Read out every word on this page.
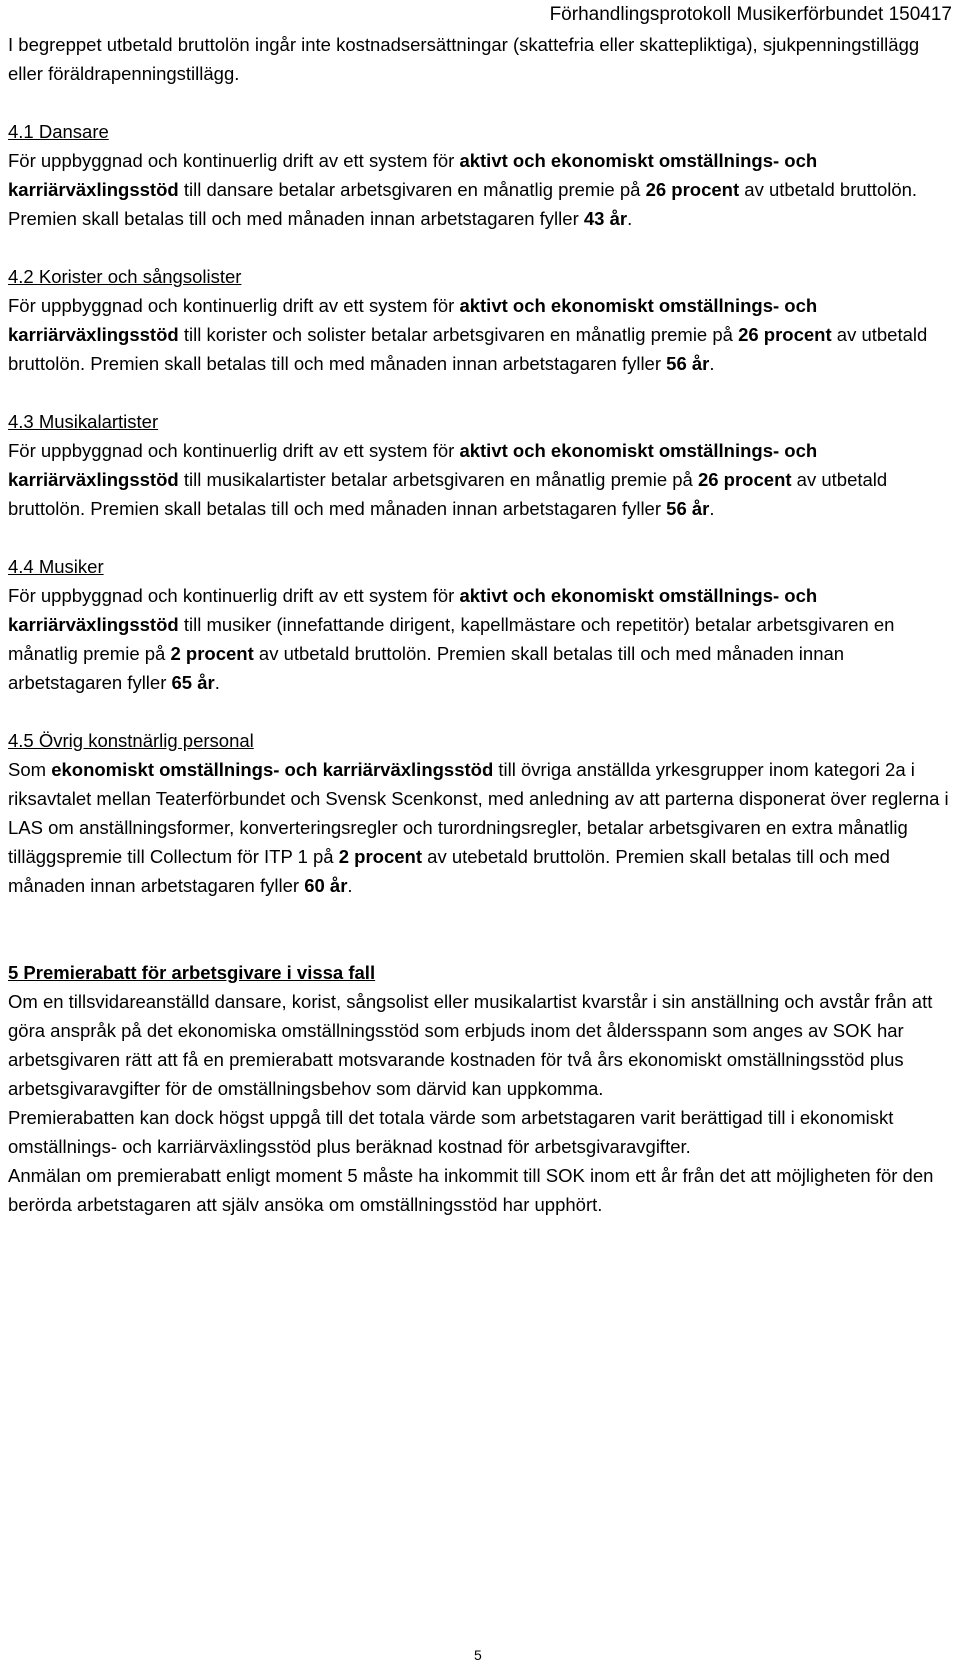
Förhandlingsprotokoll Musikerförbundet 150417

I begreppet utbetald bruttolön ingår inte kostnadsersättningar (skattefria eller skattepliktiga), sjukpenningstillägg eller föräldrapenningstillägg.

4.1 Dansare

För uppbyggnad och kontinuerlig drift av ett system för aktivt och ekonomiskt omställnings- och karriärväxlingsstöd till dansare betalar arbetsgivaren en månatlig premie på 26 procent av utbetald bruttolön. Premien skall betalas till och med månaden innan arbetstagaren fyller 43 år.

4.2 Korister och sångsolister

För uppbyggnad och kontinuerlig drift av ett system för aktivt och ekonomiskt omställnings- och karriärväxlingsstöd till korister och solister betalar arbetsgivaren en månatlig premie på 26 procent av utbetald bruttolön. Premien skall betalas till och med månaden innan arbetstagaren fyller 56 år.

4.3 Musikalartister

För uppbyggnad och kontinuerlig drift av ett system för aktivt och ekonomiskt omställnings- och karriärväxlingsstöd till musikalartister betalar arbetsgivaren en månatlig premie på 26 procent av utbetald bruttolön. Premien skall betalas till och med månaden innan arbetstagaren fyller 56 år.

4.4 Musiker

För uppbyggnad och kontinuerlig drift av ett system för aktivt och ekonomiskt omställnings- och karriärväxlingsstöd till musiker (innefattande dirigent, kapellmästare och repetitör) betalar arbetsgivaren en månatlig premie på 2 procent av utbetald bruttolön. Premien skall betalas till och med månaden innan arbetstagaren fyller 65 år.

4.5 Övrig konstnärlig personal

Som ekonomiskt omställnings- och karriärväxlingsstöd till övriga anställda yrkesgrupper inom kategori 2a i riksavtalet mellan Teaterförbundet och Svensk Scenkonst, med anledning av att parterna disponerat över reglerna i LAS om anställningsformer, konverteringsregler och turordningsregler, betalar arbetsgivaren en extra månatlig tilläggspremie till Collectum för ITP 1 på 2 procent av utebetald bruttolön. Premien skall betalas till och med månaden innan arbetstagaren fyller 60 år.

5 Premierabatt för arbetsgivare i vissa fall

Om en tillsvidareanställd dansare, korist, sångsolist eller musikalartist kvarstår i sin anställning och avstår från att göra anspråk på det ekonomiska omställningsstöd som erbjuds inom det åldersspann som anges av SOK har arbetsgivaren rätt att få en premierabatt motsvarande kostnaden för två års ekonomiskt omställningsstöd plus arbetsgivaravgifter för de omställningsbehov som därvid kan uppkomma.

Premierabatten kan dock högst uppgå till det totala värde som arbetstagaren varit berättigad till i ekonomiskt omställnings- och karriärväxlingsstöd plus beräknad kostnad för arbetsgivaravgifter.

Anmälan om premierabatt enligt moment 5 måste ha inkommit till SOK inom ett år från det att möjligheten för den berörda arbetstagaren att själv ansöka om omställningsstöd har upphört.

5
